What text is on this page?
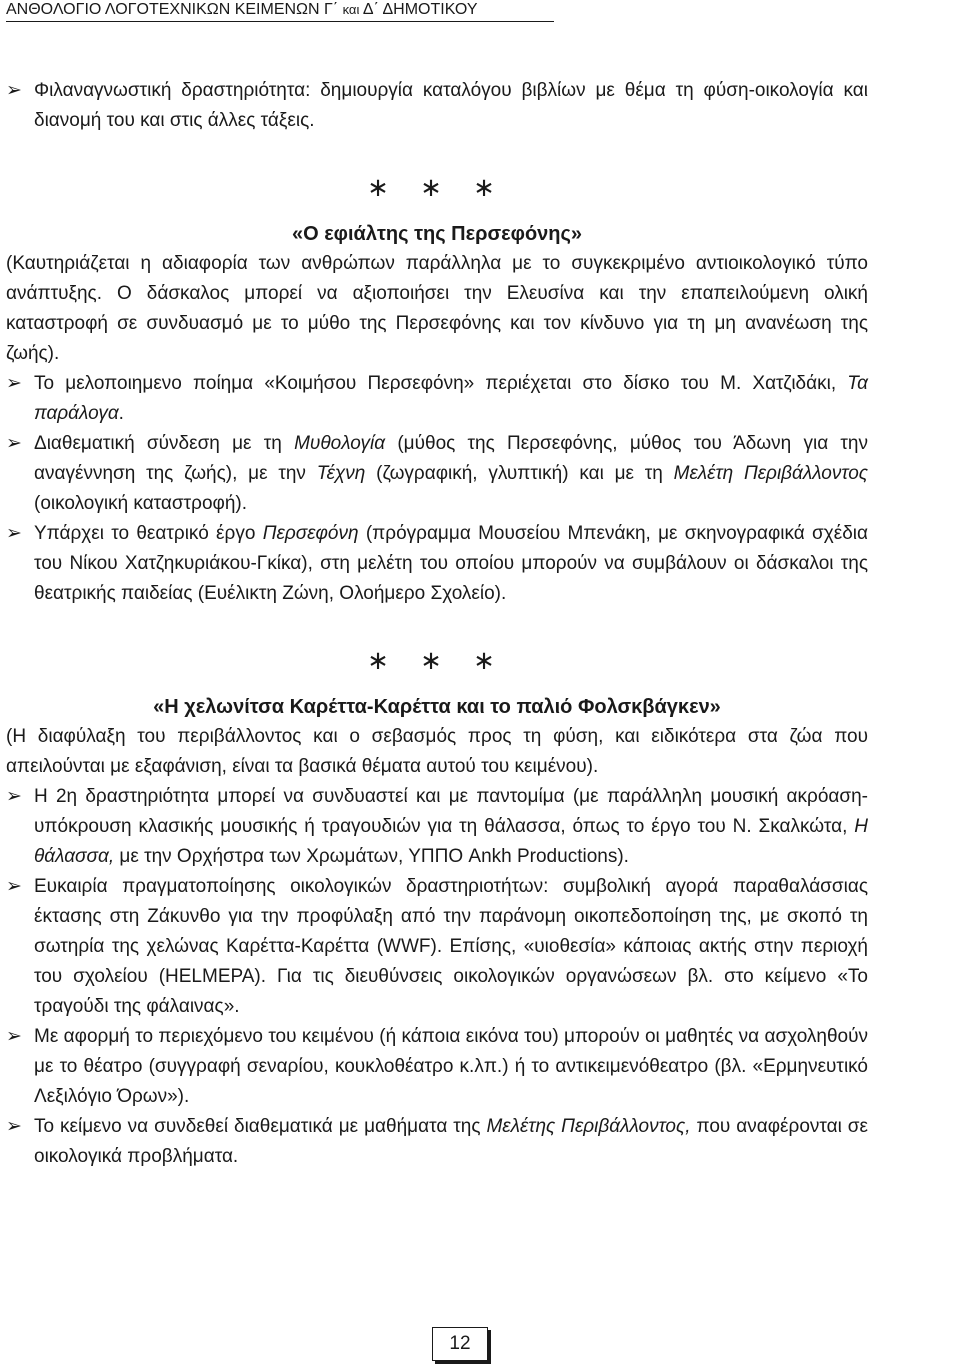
ΑΝΘΟΛΟΓΙΟ ΛΟΓΟΤΕΧΝΙΚΩΝ ΚΕΙΜΕΝΩΝ Γ΄ και Δ΄ ΔΗΜΟΤΙΚΟΥ
➢ Φιλαναγνωστική δραστηριότητα: δημιουργία καταλόγου βιβλίων με θέμα τη φύση-οικολογία και διανομή του και στις άλλες τάξεις.
∗ ∗ ∗
«Ο εφιάλτης της Περσεφόνης»
(Καυτηριάζεται η αδιαφορία των ανθρώπων παράλληλα με το συγκεκριμένο αντιοικολογικό τύπο ανάπτυξης. Ο δάσκαλος μπορεί να αξιοποιήσει την Ελευσίνα και την επαπειλούμενη ολική καταστροφή σε συνδυασμό με το μύθο της Περσεφόνης και τον κίνδυνο για τη μη ανανέωση της ζωής).
➢ Το μελοποιημενο ποίημα «Κοιμήσου Περσεφόνη» περιέχεται στο δίσκο του Μ. Χατζιδάκι, Τα παράλογα.
➢ Διαθεματική σύνδεση με τη Μυθολογία (μύθος της Περσεφόνης, μύθος του Άδωνη για την αναγέννηση της ζωής), με την Τέχνη (ζωγραφική, γλυπτική) και με τη Μελέτη Περιβάλλοντος (οικολογική καταστροφή).
➢ Υπάρχει το θεατρικό έργο Περσεφόνη (πρόγραμμα Μουσείου Μπενάκη, με σκηνογραφικά σχέδια του Νίκου Χατζηκυριάκου-Γκίκα), στη μελέτη του οποίου μπορούν να συμβάλουν οι δάσκαλοι της θεατρικής παιδείας (Ευέλικτη Ζώνη, Ολοήμερο Σχολείο).
∗ ∗ ∗
«Η χελωνίτσα Καρέττα-Καρέττα και το παλιό Φολσκβάγκεν»
(Η διαφύλαξη του περιβάλλοντος και ο σεβασμός προς τη φύση, και ειδικότερα στα ζώα που απειλούνται με εξαφάνιση, είναι τα βασικά θέματα αυτού του κειμένου).
➢ Η 2η δραστηριότητα μπορεί να συνδυαστεί και με παντομίμα (με παράλληλη μουσική ακρόαση-υπόκρουση κλασικής μουσικής ή τραγουδιών για τη θάλασσα, όπως το έργο του Ν. Σκαλκώτα, Η θάλασσα, με την Ορχήστρα των Χρωμάτων, ΥΠΠΟ Ankh Productions).
➢ Ευκαιρία πραγματοποίησης οικολογικών δραστηριοτήτων: συμβολική αγορά παραθαλάσσιας έκτασης στη Ζάκυνθο για την προφύλαξη από την παράνομη οικοπεδοποίηση της, με σκοπό τη σωτηρία της χελώνας Καρέττα-Καρέττα (WWF). Επίσης, «υιοθεσία» κάποιας ακτής στην περιοχή του σχολείου (HELMEPA). Για τις διευθύνσεις οικολογικών οργανώσεων βλ. στο κείμενο «Το τραγούδι της φάλαινας».
➢ Με αφορμή το περιεχόμενο του κειμένου (ή κάποια εικόνα του) μπορούν οι μαθητές να ασχοληθούν με το θέατρο (συγγραφή σεναρίου, κουκλοθέατρο κ.λπ.) ή το αντικειμενόθεατρο (βλ. «Ερμηνευτικό Λεξιλόγιο Όρων»).
➢ Το κείμενο να συνδεθεί διαθεματικά με μαθήματα της Μελέτης Περιβάλλοντος, που αναφέρονται σε οικολογικά προβλήματα.
12
